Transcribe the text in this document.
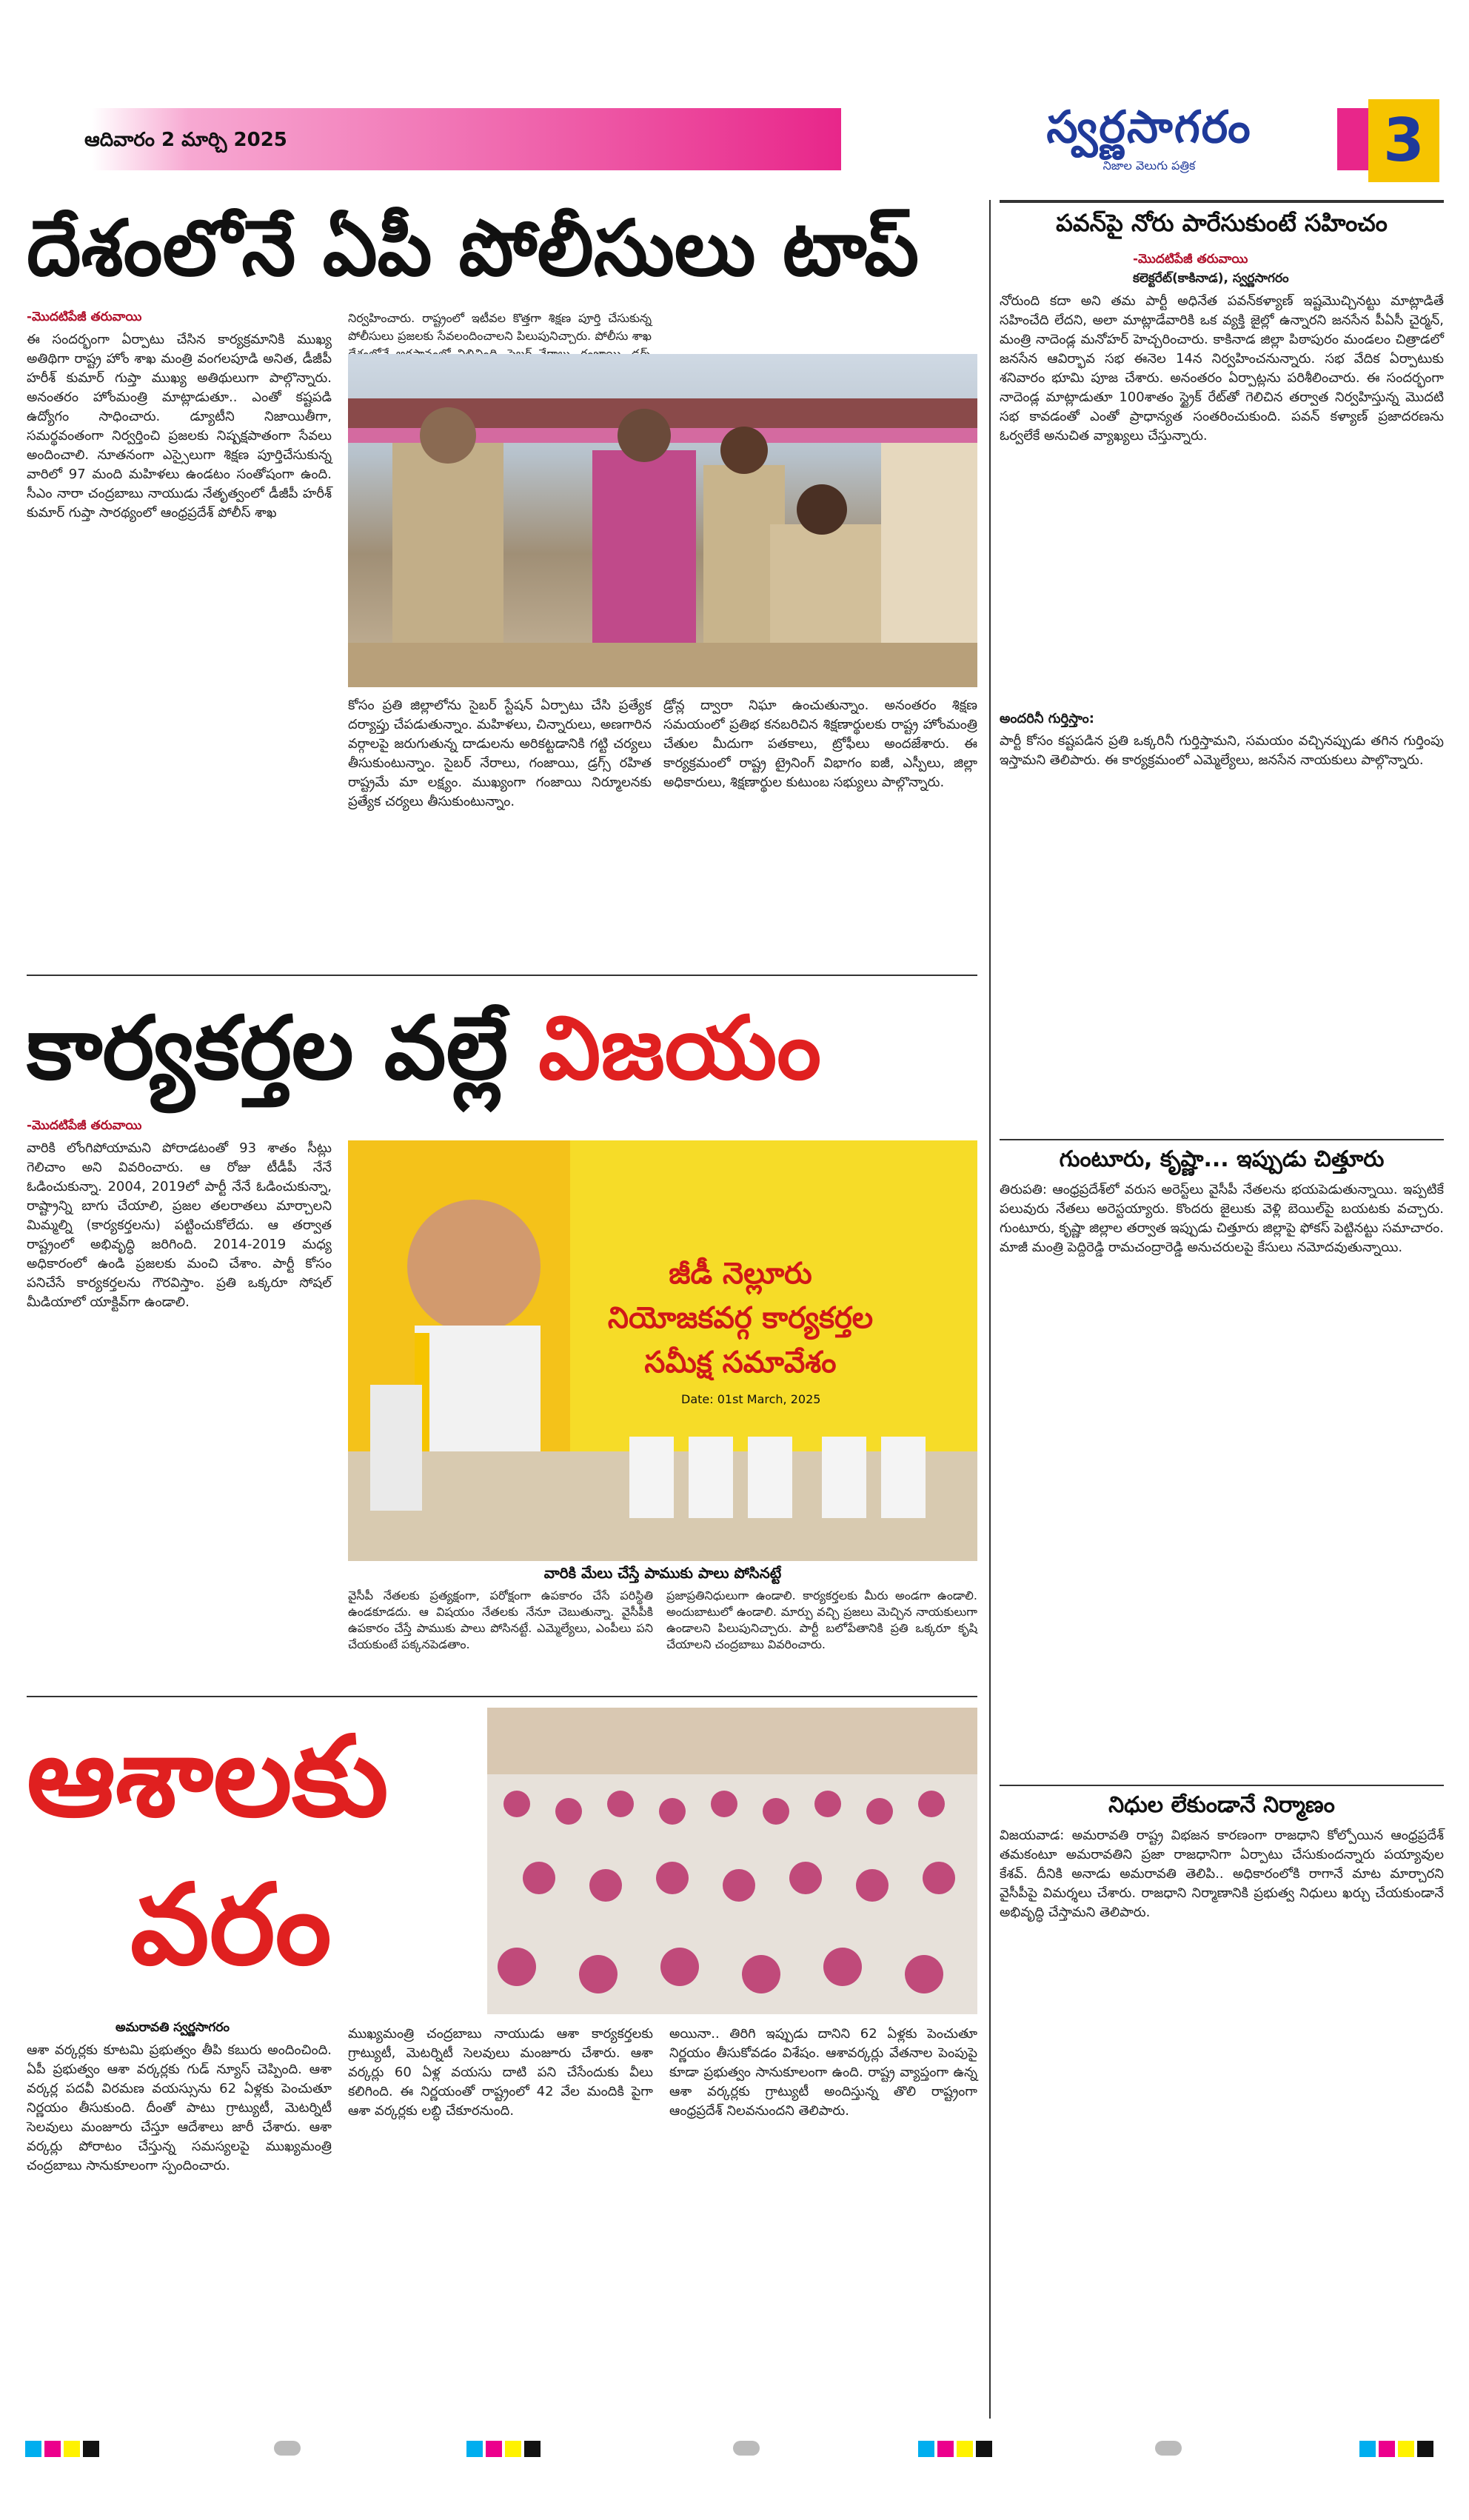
ఆదివారం 2 మార్చి 2025	స్వర్ణసాగరం
నిజాల వెలుగు పత్రిక	3
దేశంలోనే ఏపీ పోలీసులు టాప్
-మొదటిపేజీ తరువాయి
ఈ సందర్భంగా ఏర్పాటు చేసిన కార్యక్రమానికి ముఖ్య అతిథిగా రాష్ట్ర హోం శాఖ మంత్రి వంగలపూడి అనిత, డీజీపీ హరీశ్ కుమార్ గుప్తా ముఖ్య అతిథులుగా పాల్గొన్నారు. అనంతరం హోంమంత్రి మాట్లాడుతూ.. ఎంతో కష్టపడి ఉద్యోగం సాధించారు. డ్యూటీని నిజాయితీగా, సమర్థవంతంగా నిర్వర్తించి ప్రజలకు నిష్పక్షపాతంగా సేవలు అందించాలి. నూతనంగా ఎస్సైలుగా శిక్షణ పూర్తిచేసుకున్న వారిలో 97 మంది మహిళలు ఉండటం సంతోషంగా ఉంది. సీఎం నారా చంద్రబాబు నాయుడు నేతృత్వంలో డీజీపీ హరీశ్ కుమార్ గుప్తా సారథ్యంలో ఆంధ్రప్రదేశ్ పోలీస్ శాఖ
నిర్వహించారు. రాష్ట్రంలో ఇటీవల కొత్తగా శిక్షణ పూర్తి చేసుకున్న పోలీసులు ప్రజలకు సేవలందించాలని పిలుపునిచ్చారు. పోలీసు శాఖ
కోసం ప్రతి జిల్లాలోను సైబర్ స్టేషన్ ఏర్పాటు చేసి ప్రత్యేక దర్యాప్తు చేపడుతున్నాం. మహిళలు, చిన్నారులు, అణగారిన వర్గాలపై జరుగుతున్న దాడులను అరికట్టడానికి గట్టి చర్యలు తీసుకుంటున్నాం. సైబర్ నేరాలు, గంజాయి, డ్రగ్స్ రహిత రాష్ట్రమే మా లక్ష్యం. ముఖ్యంగా గంజాయి నిర్మూలనకు ప్రత్యేక చర్యలు తీసుకుంటున్నాం.
డ్రోన్ల ద్వారా నిఘా ఉంచుతున్నాం. అనంతరం శిక్షణ సమయంలో ప్రతిభ కనబరిచిన శిక్షణార్థులకు రాష్ట్ర హోంమంత్రి చేతుల మీదుగా పతకాలు, ట్రోఫీలు అందజేశారు. ఈ కార్యక్రమంలో రాష్ట్ర ట్రైనింగ్ విభాగం ఐజీ, ఎస్పీలు, జిల్లా అధికారులు, శిక్షణార్థుల కుటుంబ సభ్యులు పాల్గొన్నారు.
కార్యకర్తల వల్లే విజయం
-మొదటిపేజీ తరువాయి
వారికి లోంగిపోయామని పోరాడటంతో 93 శాతం సీట్లు గెలిచాం అని వివరించారు. ఆ రోజు టీడీపీ నేనే ఓడించుకున్నా. 2004, 2019లో పార్టీ నేనే ఓడించుకున్నా, రాష్ట్రాన్ని బాగు చేయాలి, ప్రజల తలరాతలు మార్చాలని మిమ్మల్ని (కార్యకర్తలను) పట్టించుకోలేదు. ఆ తర్వాత రాష్ట్రంలో అభివృద్ధి జరిగింది. 2014-2019 మధ్య అధికారంలో ఉండి ప్రజలకు మంచి చేశాం. పార్టీ కోసం పనిచేసే కార్యకర్తలను గౌరవిస్తాం. ప్రతి ఒక్కరూ సోషల్ మీడియాలో యాక్టివ్‌గా ఉండాలి.
జీడీ నెల్లూరు నియోజకవర్గ కార్యకర్తల సమీక్ష సమావేశం
Date: 01st March, 2025
వారికి మేలు చేస్తే పాముకు పాలు పోసినట్టే
వైసీపీ నేతలకు ప్రత్యక్షంగా, పరోక్షంగా ఉపకారం చేసే పరిస్థితి ఉండకూడదు. ఆ విషయం నేతలకు నేనూ చెబుతున్నా. వైసీపీకి ఉపకారం చేస్తే పాముకు పాలు పోసినట్టే. ఎమ్మెల్యేలు, ఎంపీలు పని చేయకుంటే పక్కనపెడతాం.
ప్రజాప్రతినిధులుగా ఉండాలి. కార్యకర్తలకు మీరు అండగా ఉండాలి. అందుబాటులో ఉండాలి. మార్పు వచ్చి ప్రజలు మెచ్చిన నాయకులుగా ఉండాలని పిలుపునిచ్చారు. పార్టీ బలోపేతానికి ప్రతి ఒక్కరూ కృషి చేయాలని చంద్రబాబు వివరించారు.
ఆశాలకు
వరం
అమరావతి స్వర్ణసాగరం
ఆశా వర్కర్లకు కూటమి ప్రభుత్వం తీపి కబురు అందించింది. ఏపీ ప్రభుత్వం ఆశా వర్కర్లకు గుడ్ న్యూస్ చెప్పింది. ఆశా వర్కర్ల పదవీ విరమణ వయస్సును 62 ఏళ్లకు పెంచుతూ నిర్ణయం తీసుకుంది. దీంతో పాటు గ్రాట్యుటీ, మెటర్నిటీ సెలవులు మంజూరు చేస్తూ ఆదేశాలు జారీ చేశారు. ఆశా వర్కర్లు పోరాటం చేస్తున్న సమస్యలపై ముఖ్యమంత్రి చంద్రబాబు సానుకూలంగా స్పందించారు.
ముఖ్యమంత్రి చంద్రబాబు నాయుడు ఆశా కార్యకర్తలకు గ్రాట్యుటీ, మెటర్నిటీ సెలవులు మంజూరు చేశారు. ఆశా వర్కర్లు 60 ఏళ్ల వయసు దాటి పని చేసేందుకు వీలు కలిగింది. ఈ నిర్ణయంతో రాష్ట్రంలో 42 వేల మందికి పైగా ఆశా వర్కర్లకు లబ్ధి చేకూరనుంది.
అయినా.. తిరిగి ఇప్పుడు దానిని 62 ఏళ్లకు పెంచుతూ నిర్ణయం తీసుకోవడం విశేషం. ఆశావర్కర్లు వేతనాల పెంపుపై కూడా ప్రభుత్వం సానుకూలంగా ఉంది. రాష్ట్ర వ్యాప్తంగా ఉన్న ఆశా వర్కర్లకు గ్రాట్యుటీ అందిస్తున్న తొలి రాష్ట్రంగా ఆంధ్రప్రదేశ్ నిలవనుందని తెలిపారు.
పవన్‌పై నోరు పారేసుకుంటే సహించం
-మొదటిపేజీ తరువాయి
కలెక్టరేట్(కాకినాడ), స్వర్ణసాగరం
నోరుంది కదా అని తమ పార్టీ అధినేత పవన్‌కళ్యాణ్ ఇష్టమొచ్చినట్టు మాట్లాడితే సహించేది లేదని, అలా మాట్లాడేవారికి ఒక వ్యక్తి జైల్లో ఉన్నారని జనసేన పీఏసీ చైర్మన్, మంత్రి నాదెండ్ల మనోహర్ హెచ్చరించారు. కాకినాడ జిల్లా పిఠాపురం మండలం చిత్రాడలో జనసేన ఆవిర్భావ సభ ఈనెల 14న నిర్వహించనున్నారు. సభ వేదిక ఏర్పాటుకు శనివారం భూమి పూజ చేశారు. అనంతరం ఏర్పాట్లను పరిశీలించారు. ఈ సందర్భంగా నాదెండ్ల మాట్లాడుతూ 100శాతం స్ట్రైక్ రేట్‌తో గెలిచిన తర్వాత నిర్వహిస్తున్న మొదటి సభ కావడంతో ఎంతో ప్రాధాన్యత సంతరించుకుంది. పవన్ కళ్యాణ్ ప్రజాదరణను ఓర్వలేకే అనుచిత వ్యాఖ్యలు చేస్తున్నారు.
అందరినీ గుర్తిస్తాం:
పార్టీ కోసం కష్టపడిన ప్రతి ఒక్కరినీ గుర్తిస్తామని, సమయం వచ్చినప్పుడు తగిన గుర్తింపు ఇస్తామని తెలిపారు. ఈ కార్యక్రమంలో ఎమ్మెల్యేలు, జనసేన నాయకులు పాల్గొన్నారు.
గుంటూరు, కృష్ణా... ఇప్పుడు చిత్తూరు
తిరుపతి: ఆంధ్రప్రదేశ్‌లో వరుస అరెస్ట్‌లు వైసీపీ నేతలను భయపెడుతున్నాయి. ఇప్పటికే పలువురు నేతలు అరెస్టయ్యారు. కొందరు జైలుకు వెళ్లి బెయిల్‌పై బయటకు వచ్చారు. గుంటూరు, కృష్ణా జిల్లాల తర్వాత ఇప్పుడు చిత్తూరు జిల్లాపై ఫోకస్ పెట్టినట్టు సమాచారం. మాజీ మంత్రి పెద్దిరెడ్డి రామచంద్రారెడ్డి అనుచరులపై కేసులు నమోదవుతున్నాయి.
నిధుల లేకుండానే నిర్మాణం
విజయవాడ: అమరావతి రాష్ట్ర విభజన కారణంగా రాజధాని కోల్పోయిన ఆంధ్రప్రదేశ్ తమకంటూ అమరావతిని ప్రజా రాజధానిగా ఏర్పాటు చేసుకుందన్నారు పయ్యావుల కేశవ్. దీనికి అనాడు అమరావతి తెలిపి.. అధికారంలోకి రాగానే మాట మార్చారని వైసీపీపై విమర్శలు చేశారు. రాజధాని నిర్మాణానికి ప్రభుత్వ నిధులు ఖర్చు చేయకుండానే అభివృద్ధి చేస్తామని తెలిపారు.
